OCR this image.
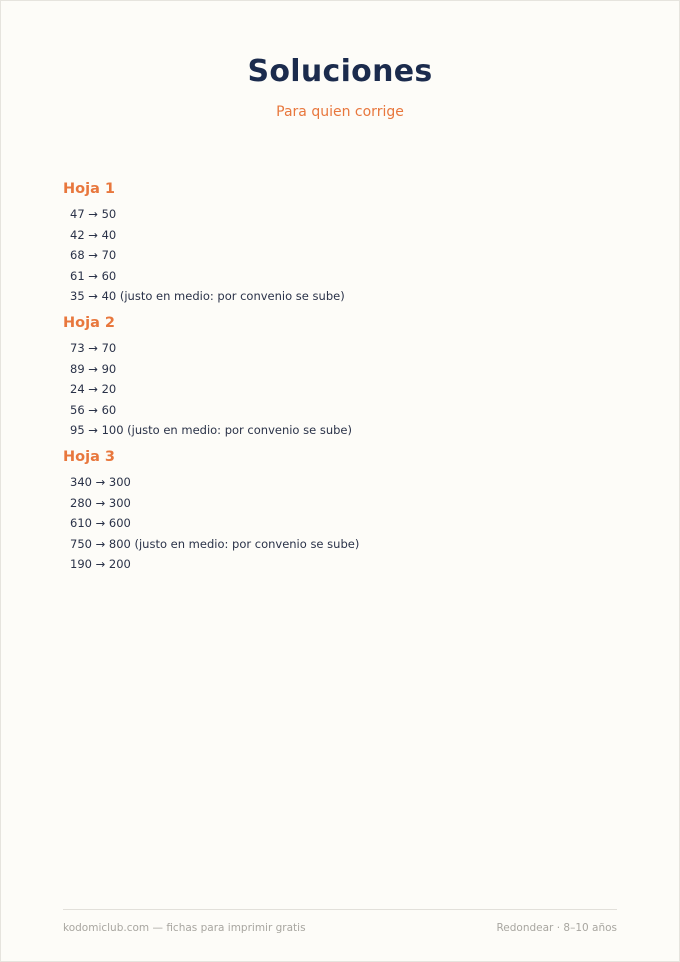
Soluciones
Para quien corrige
Hoja 1
47 → 50
42 → 40
68 → 70
61 → 60
35 → 40 (justo en medio: por convenio se sube)
Hoja 2
73 → 70
89 → 90
24 → 20
56 → 60
95 → 100 (justo en medio: por convenio se sube)
Hoja 3
340 → 300
280 → 300
610 → 600
750 → 800 (justo en medio: por convenio se sube)
190 → 200
kodomiclub.com — fichas para imprimir gratis	Redondear · 8–10 años
